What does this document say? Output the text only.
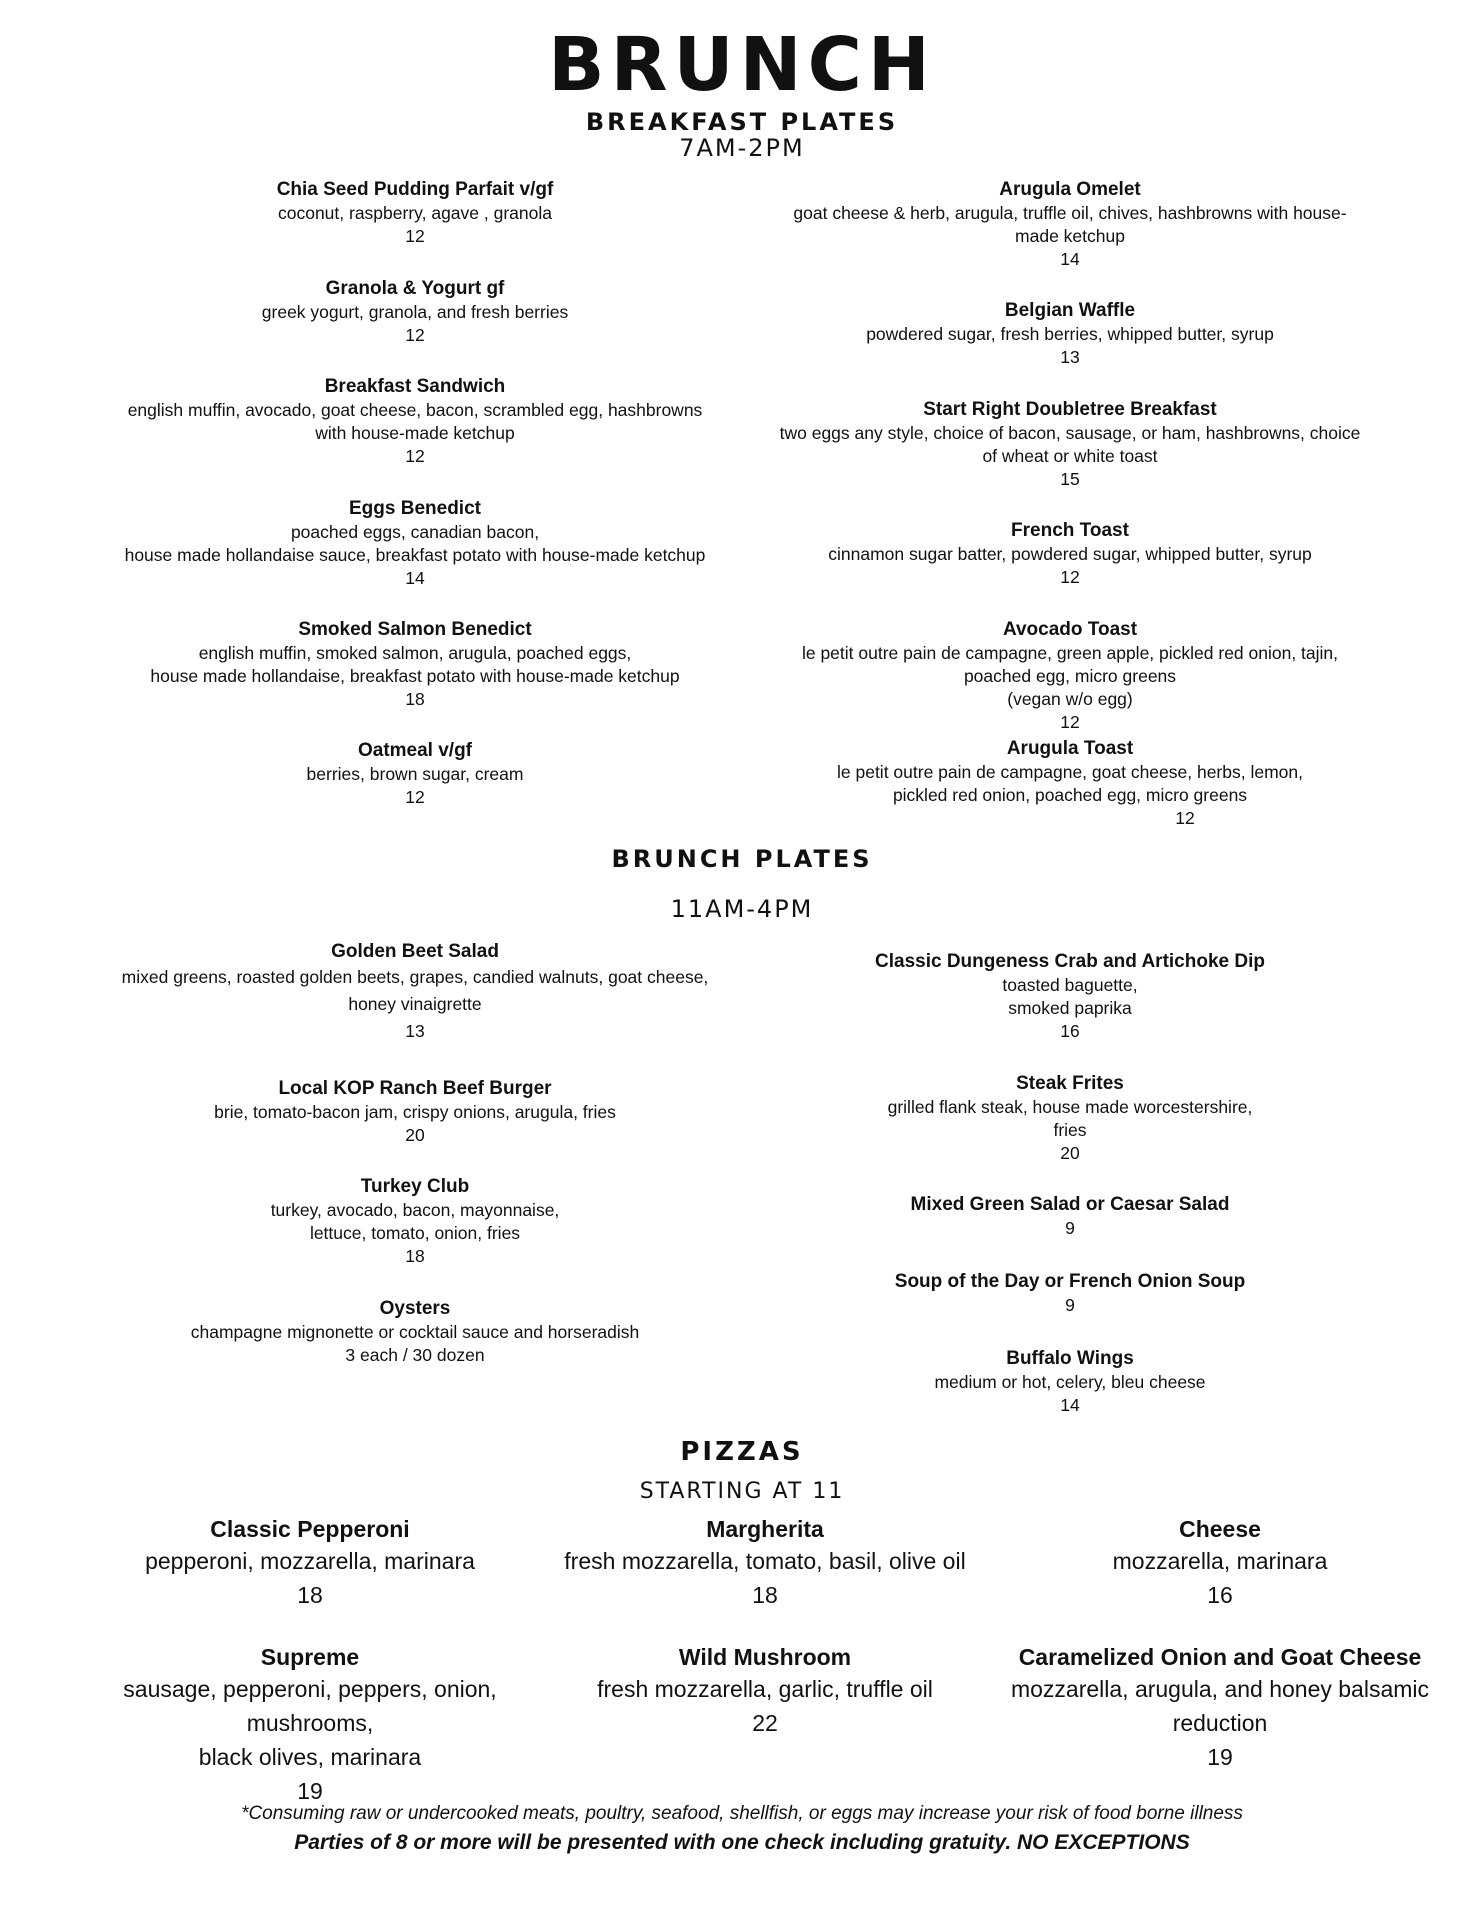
BRUNCH
BREAKFAST PLATES
7AM-2PM
Chia Seed Pudding Parfait v/gf
coconut, raspberry, agave , granola
12
Granola & Yogurt gf
greek yogurt, granola, and fresh berries
12
Breakfast Sandwich
english muffin, avocado, goat cheese, bacon, scrambled egg, hashbrowns
with house-made ketchup
12
Eggs Benedict
poached eggs, canadian bacon,
house made hollandaise sauce, breakfast potato with house-made ketchup
14
Smoked Salmon Benedict
english muffin, smoked salmon, arugula, poached eggs,
house made hollandaise, breakfast potato with house-made ketchup
18
Oatmeal v/gf
berries, brown sugar, cream
12
Arugula Omelet
goat cheese & herb, arugula, truffle oil, chives, hashbrowns with house-
made ketchup
14
Belgian Waffle
powdered sugar, fresh berries, whipped butter, syrup
13
Start Right Doubletree Breakfast
two eggs any style, choice of bacon, sausage, or ham, hashbrowns, choice
of wheat or white toast
15
French Toast
cinnamon sugar batter, powdered sugar, whipped butter, syrup
12
Avocado Toast
le petit outre pain de campagne, green apple, pickled red onion, tajin,
poached egg, micro greens
(vegan w/o egg)
12
Arugula Toast
le petit outre pain de campagne, goat cheese, herbs, lemon,
pickled red onion, poached egg, micro greens
12
BRUNCH PLATES
11AM-4PM
Golden Beet Salad
mixed greens, roasted golden beets, grapes, candied walnuts, goat cheese,
honey vinaigrette
13
Local KOP Ranch Beef Burger
brie, tomato-bacon jam, crispy onions, arugula, fries
20
Turkey Club
turkey, avocado, bacon, mayonnaise,
lettuce, tomato, onion, fries
18
Oysters
champagne mignonette or cocktail sauce and horseradish
3 each / 30 dozen
Classic Dungeness Crab and Artichoke Dip
toasted baguette,
smoked paprika
16
Steak Frites
grilled flank steak, house made worcestershire,
fries
20
Mixed Green Salad or Caesar Salad
9
Soup of the Day or French Onion Soup
9
Buffalo Wings
medium or hot, celery, bleu cheese
14
PIZZAS
STARTING AT 11
Classic Pepperoni
pepperoni, mozzarella, marinara
18
Margherita
fresh mozzarella, tomato, basil, olive oil
18
Cheese
mozzarella, marinara
16
Supreme
sausage, pepperoni, peppers, onion,
mushrooms,
black olives, marinara
19
Wild Mushroom
fresh mozzarella, garlic, truffle oil
22
Caramelized Onion and Goat Cheese
mozzarella, arugula, and honey balsamic
reduction
19
*Consuming raw or undercooked meats, poultry, seafood, shellfish, or eggs may increase your risk of food borne illness
Parties of 8 or more will be presented with one check including gratuity. NO EXCEPTIONS
